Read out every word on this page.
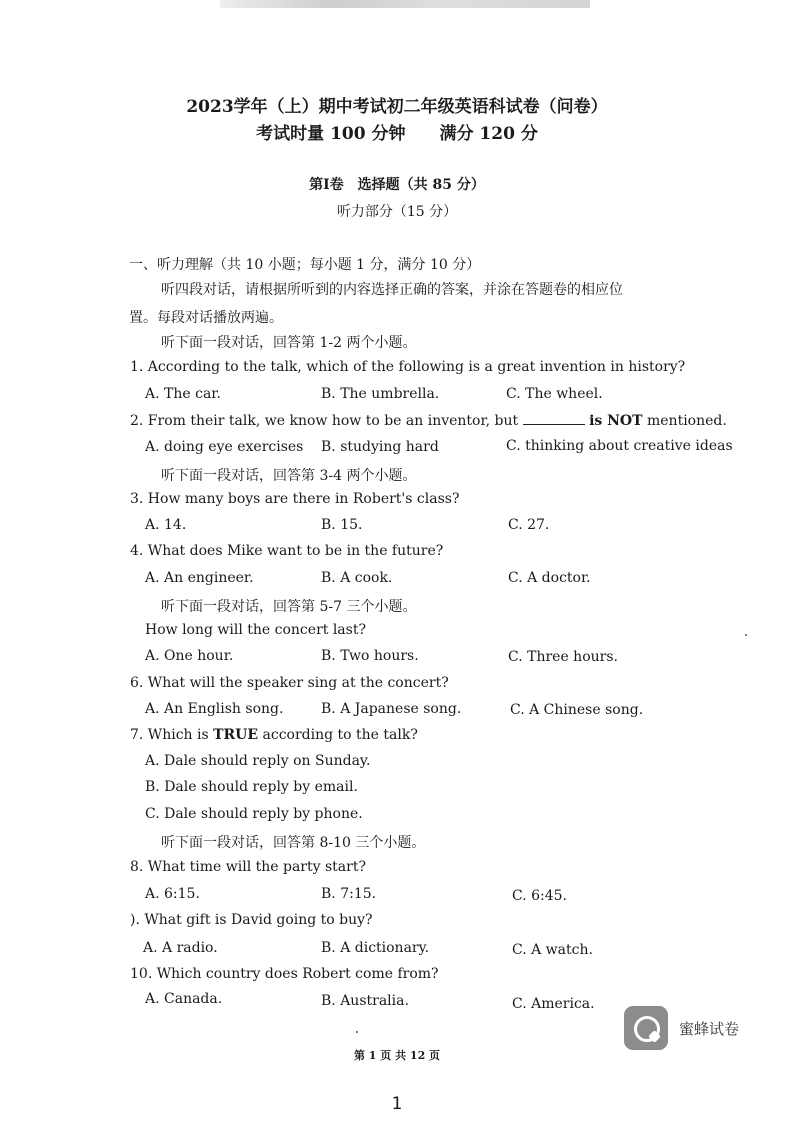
2023学年（上）期中考试初二年级英语科试卷（问卷）
考试时量 100 分钟 满分 120 分
第Ⅰ卷　选择题（共 85 分）
听力部分（15 分）
一、听力理解（共 10 小题；每小题 1 分，满分 10 分）
听四段对话，请根据所听到的内容选择正确的答案，并涂在答题卷的相应位
置。每段对话播放两遍。
听下面一段对话，回答第 1-2 两个小题。
1. According to the talk, which of the following is a great invention in history?
A. The car.	B. The umbrella.	C. The wheel.
2. From their talk, we know how to be an inventor, but	is NOT mentioned.
A. doing eye exercises B. studying hard	C. thinking about creative ideas
听下面一段对话，回答第 3-4 两个小题。
3. How many boys are there in Robert's class?
A. 14.	B. 15.	C. 27.
4. What does Mike want to be in the future?
A. An engineer.	B. A cook.	C. A doctor.
听下面一段对话，回答第 5-7 三个小题。
How long will the concert last?
A. One hour.	B. Two hours.	C. Three hours.
6. What will the speaker sing at the concert?
A. An English song.	B. A Japanese song.	C. A Chinese song.
7. Which is TRUE according to the talk?
A. Dale should reply on Sunday.
B. Dale should reply by email.
C. Dale should reply by phone.
听下面一段对话，回答第 8-10 三个小题。
8. What time will the party start?
A. 6:15.	B. 7:15.	C. 6:45.
). What gift is David going to buy?
A. A radio.	B. A dictionary.	C. A watch.
10. Which country does Robert come from?
A. Canada.	B. Australia.	C. America.
蜜蜂试卷
第 1 页 共 12 页
1
